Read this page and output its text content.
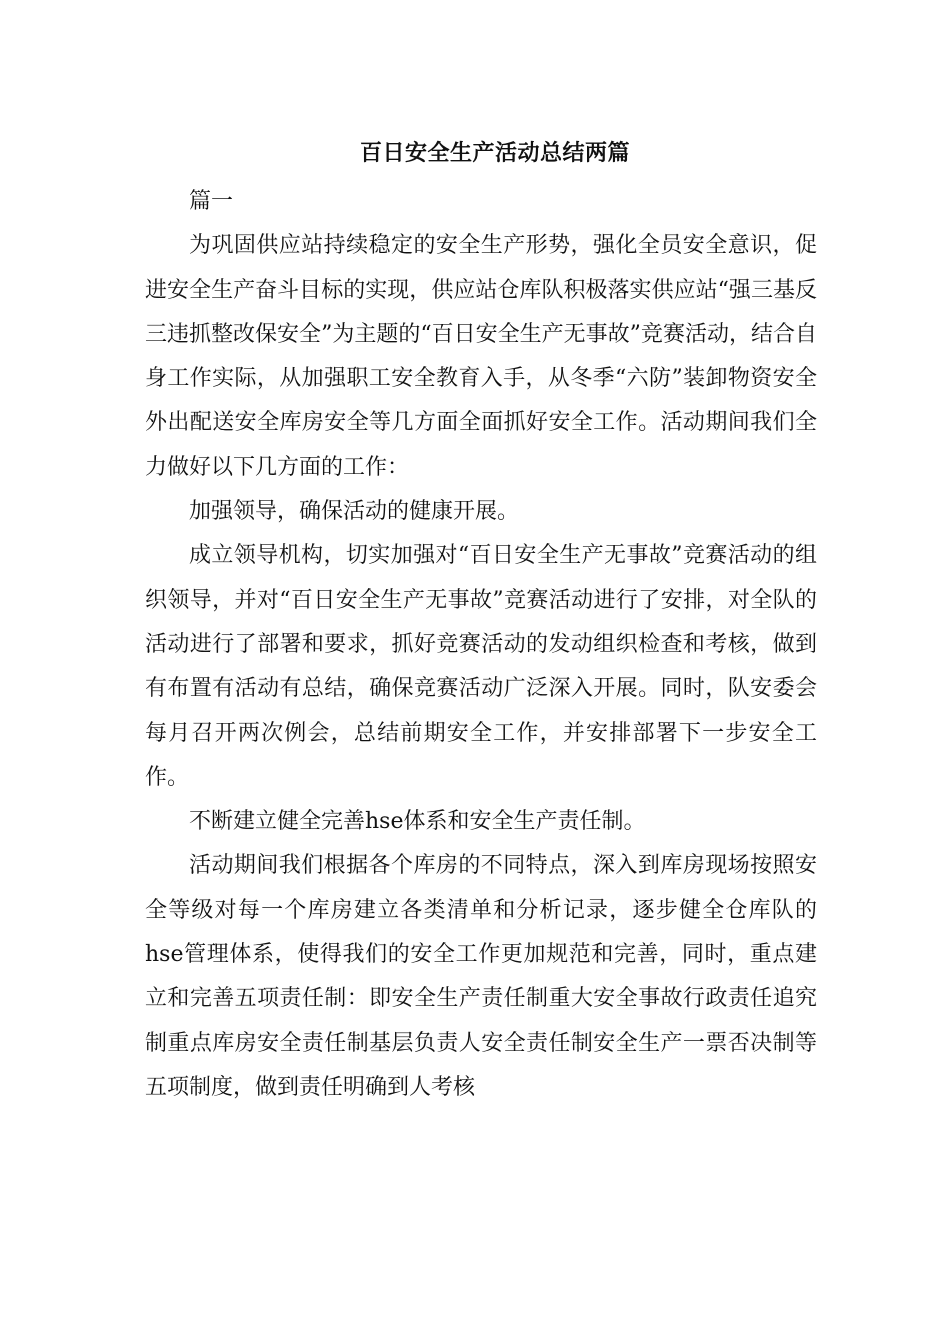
百日安全生产活动总结两篇

篇一

为巩固供应站持续稳定的安全生产形势，强化全员安全意识，促进安全生产奋斗目标的实现，供应站仓库队积极落实供应站“强三基反三违抓整改保安全”为主题的“百日安全生产无事故”竞赛活动，结合自身工作实际，从加强职工安全教育入手，从冬季“六防”装卸物资安全外出配送安全库房安全等几方面全面抓好安全工作。活动期间我们全力做好以下几方面的工作：

加强领导，确保活动的健康开展。

成立领导机构，切实加强对“百日安全生产无事故”竞赛活动的组织领导，并对“百日安全生产无事故”竞赛活动进行了安排，对全队的活动进行了部署和要求，抓好竞赛活动的发动组织检查和考核，做到有布置有活动有总结，确保竞赛活动广泛深入开展。同时，队安委会每月召开两次例会，总结前期安全工作，并安排部署下一步安全工作。

不断建立健全完善hse体系和安全生产责任制。

活动期间我们根据各个库房的不同特点，深入到库房现场按照安全等级对每一个库房建立各类清单和分析记录，逐步健全仓库队的hse管理体系，使得我们的安全工作更加规范和完善，同时，重点建立和完善五项责任制：即安全生产责任制重大安全事故行政责任追究制重点库房安全责任制基层负责人安全责任制安全生产一票否决制等五项制度，做到责任明确到人考核
